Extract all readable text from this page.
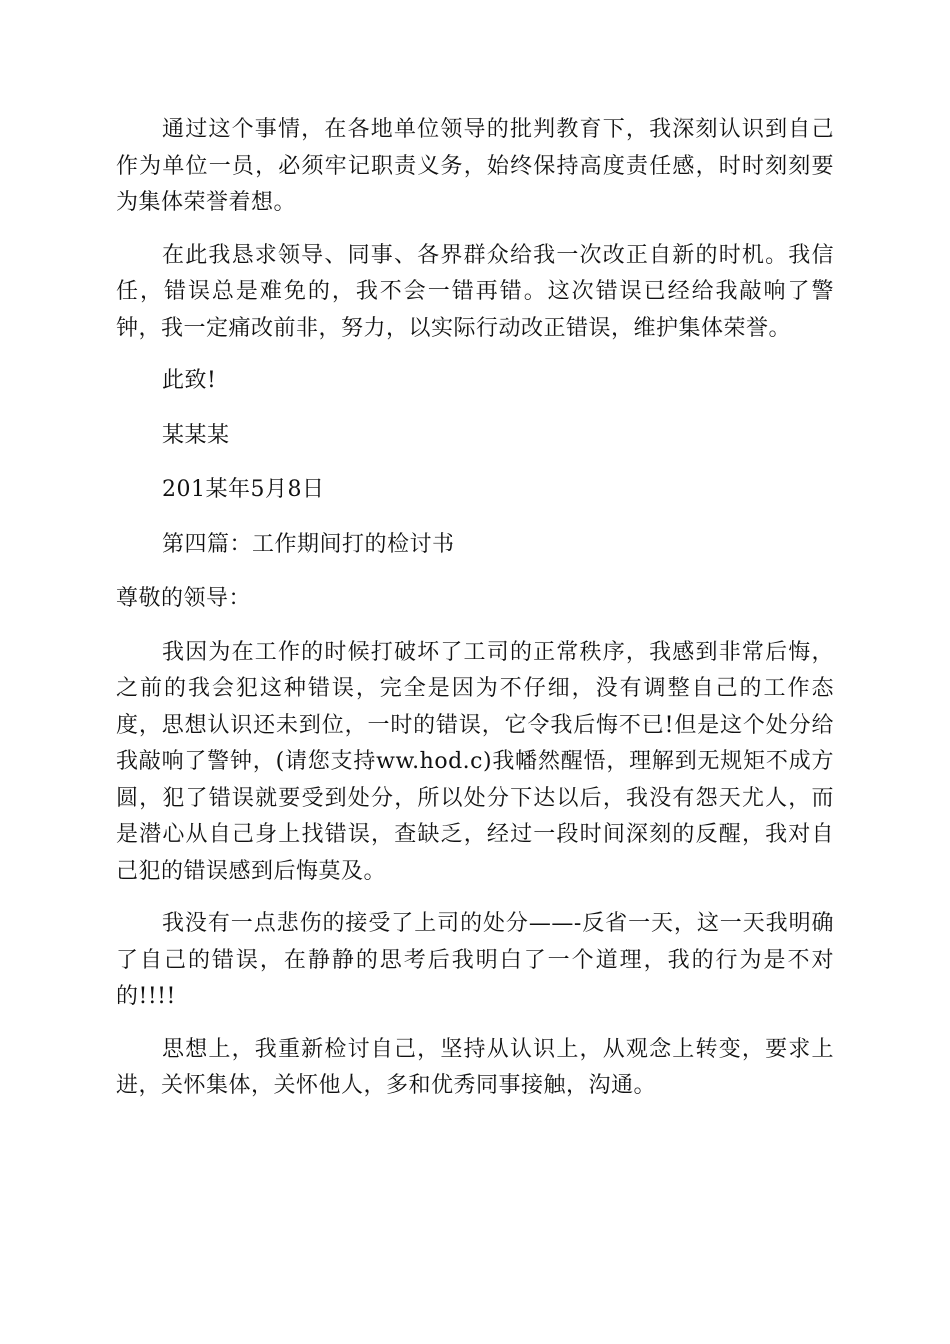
通过这个事情，在各地单位领导的批判教育下，我深刻认识到自己作为单位一员，必须牢记职责义务，始终保持高度责任感，时时刻刻要为集体荣誉着想。

在此我恳求领导、同事、各界群众给我一次改正自新的时机。我信任，错误总是难免的，我不会一错再错。这次错误已经给我敲响了警钟，我一定痛改前非，努力，以实际行动改正错误，维护集体荣誉。

此致!

某某某

201某年5月8日

第四篇：工作期间打的检讨书

尊敬的领导：

我因为在工作的时候打破坏了工司的正常秩序，我感到非常后悔，之前的我会犯这种错误，完全是因为不仔细，没有调整自己的工作态度，思想认识还未到位，一时的错误，它令我后悔不已!但是这个处分给我敲响了警钟，(请您支持ww.hod.c)我幡然醒悟，理解到无规矩不成方圆，犯了错误就要受到处分，所以处分下达以后，我没有怨天尤人，而是潜心从自己身上找错误，查缺乏，经过一段时间深刻的反醒，我对自己犯的错误感到后悔莫及。

我没有一点悲伤的接受了上司的处分——-反省一天，这一天我明确了自己的错误，在静静的思考后我明白了一个道理，我的行为是不对的!!!!

思想上，我重新检讨自己，坚持从认识上，从观念上转变，要求上进，关怀集体，关怀他人，多和优秀同事接触，沟通。
